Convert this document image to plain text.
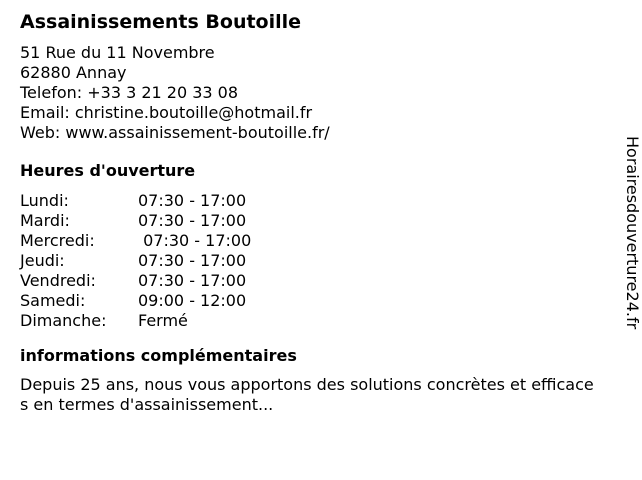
Assainissements Boutoille
51 Rue du 11 Novembre
62880 Annay
Telefon: +33 3 21 20 33 08
Email: christine.boutoille@hotmail.fr
Web: www.assainissement-boutoille.fr/
Heures d'ouverture
Lundi:	07:30 - 17:00
Mardi:	07:30 - 17:00
Mercredi:	07:30 - 17:00
Jeudi:	07:30 - 17:00
Vendredi:	07:30 - 17:00
Samedi:	09:00 - 12:00
Dimanche:	Fermé
informations complémentaires
Depuis 25 ans, nous vous apportons des solutions concrètes et efficaces en termes d'assainissement...
Horairesdouverture24.fr
